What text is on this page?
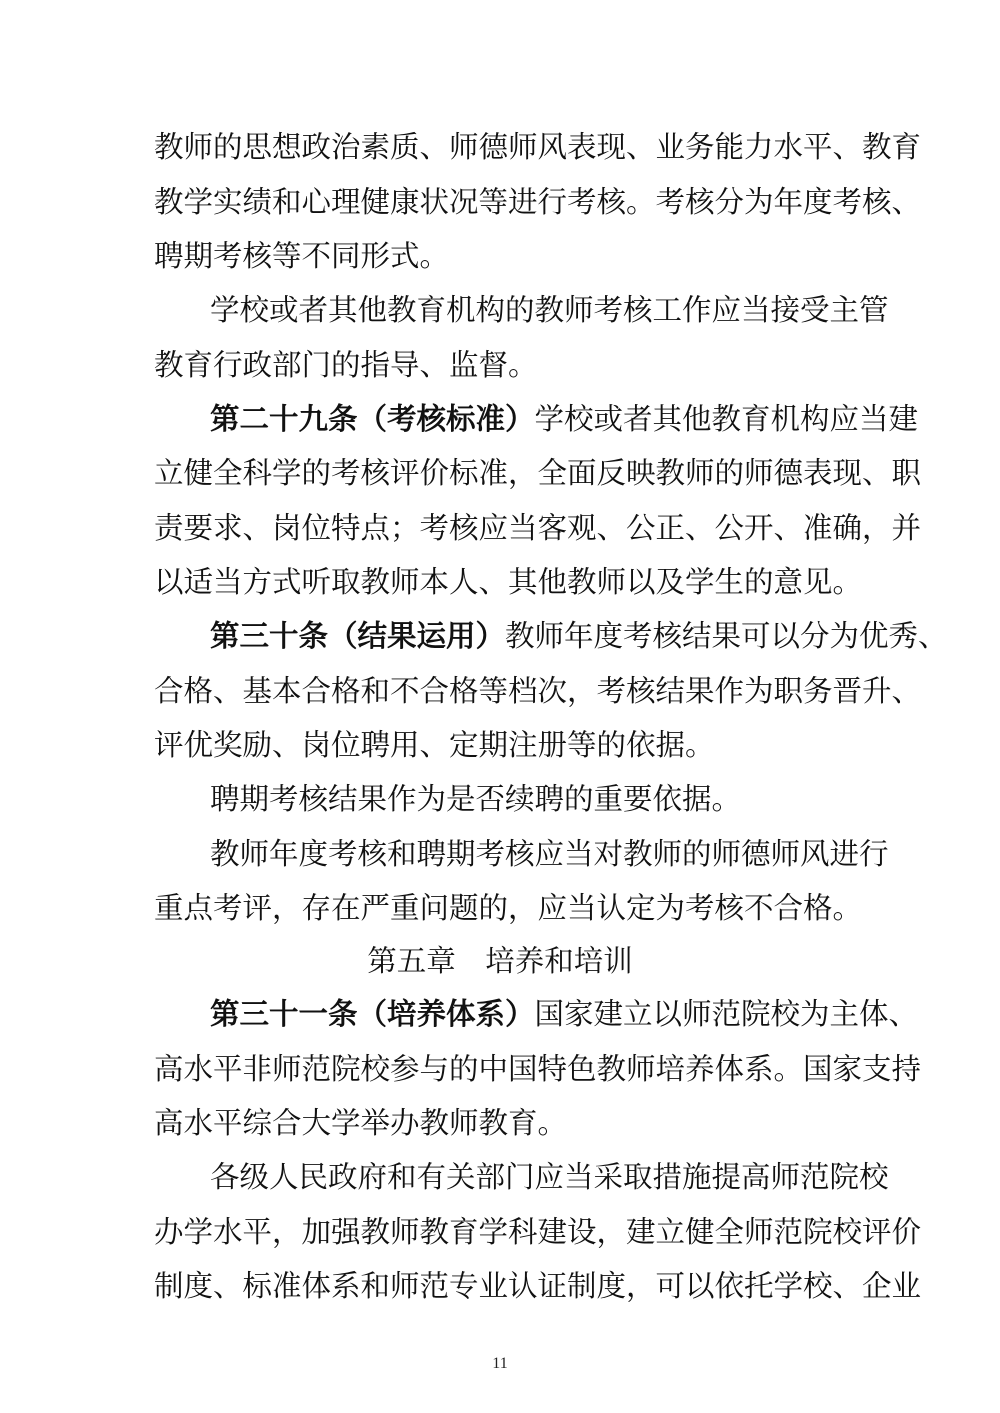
教师的思想政治素质、师德师风表现、业务能力水平、教育
教学实绩和心理健康状况等进行考核。考核分为年度考核、
聘期考核等不同形式。
学校或者其他教育机构的教师考核工作应当接受主管
教育行政部门的指导、监督。
第二十九条（考核标准）学校或者其他教育机构应当建
立健全科学的考核评价标准，全面反映教师的师德表现、职
责要求、岗位特点；考核应当客观、公正、公开、准确，并
以适当方式听取教师本人、其他教师以及学生的意见。
第三十条（结果运用）教师年度考核结果可以分为优秀、
合格、基本合格和不合格等档次，考核结果作为职务晋升、
评优奖励、岗位聘用、定期注册等的依据。
聘期考核结果作为是否续聘的重要依据。
教师年度考核和聘期考核应当对教师的师德师风进行
重点考评，存在严重问题的，应当认定为考核不合格。
第五章　培养和培训
第三十一条（培养体系）国家建立以师范院校为主体、
高水平非师范院校参与的中国特色教师培养体系。国家支持
高水平综合大学举办教师教育。
各级人民政府和有关部门应当采取措施提高师范院校
办学水平，加强教师教育学科建设，建立健全师范院校评价
制度、标准体系和师范专业认证制度，可以依托学校、企业
11
